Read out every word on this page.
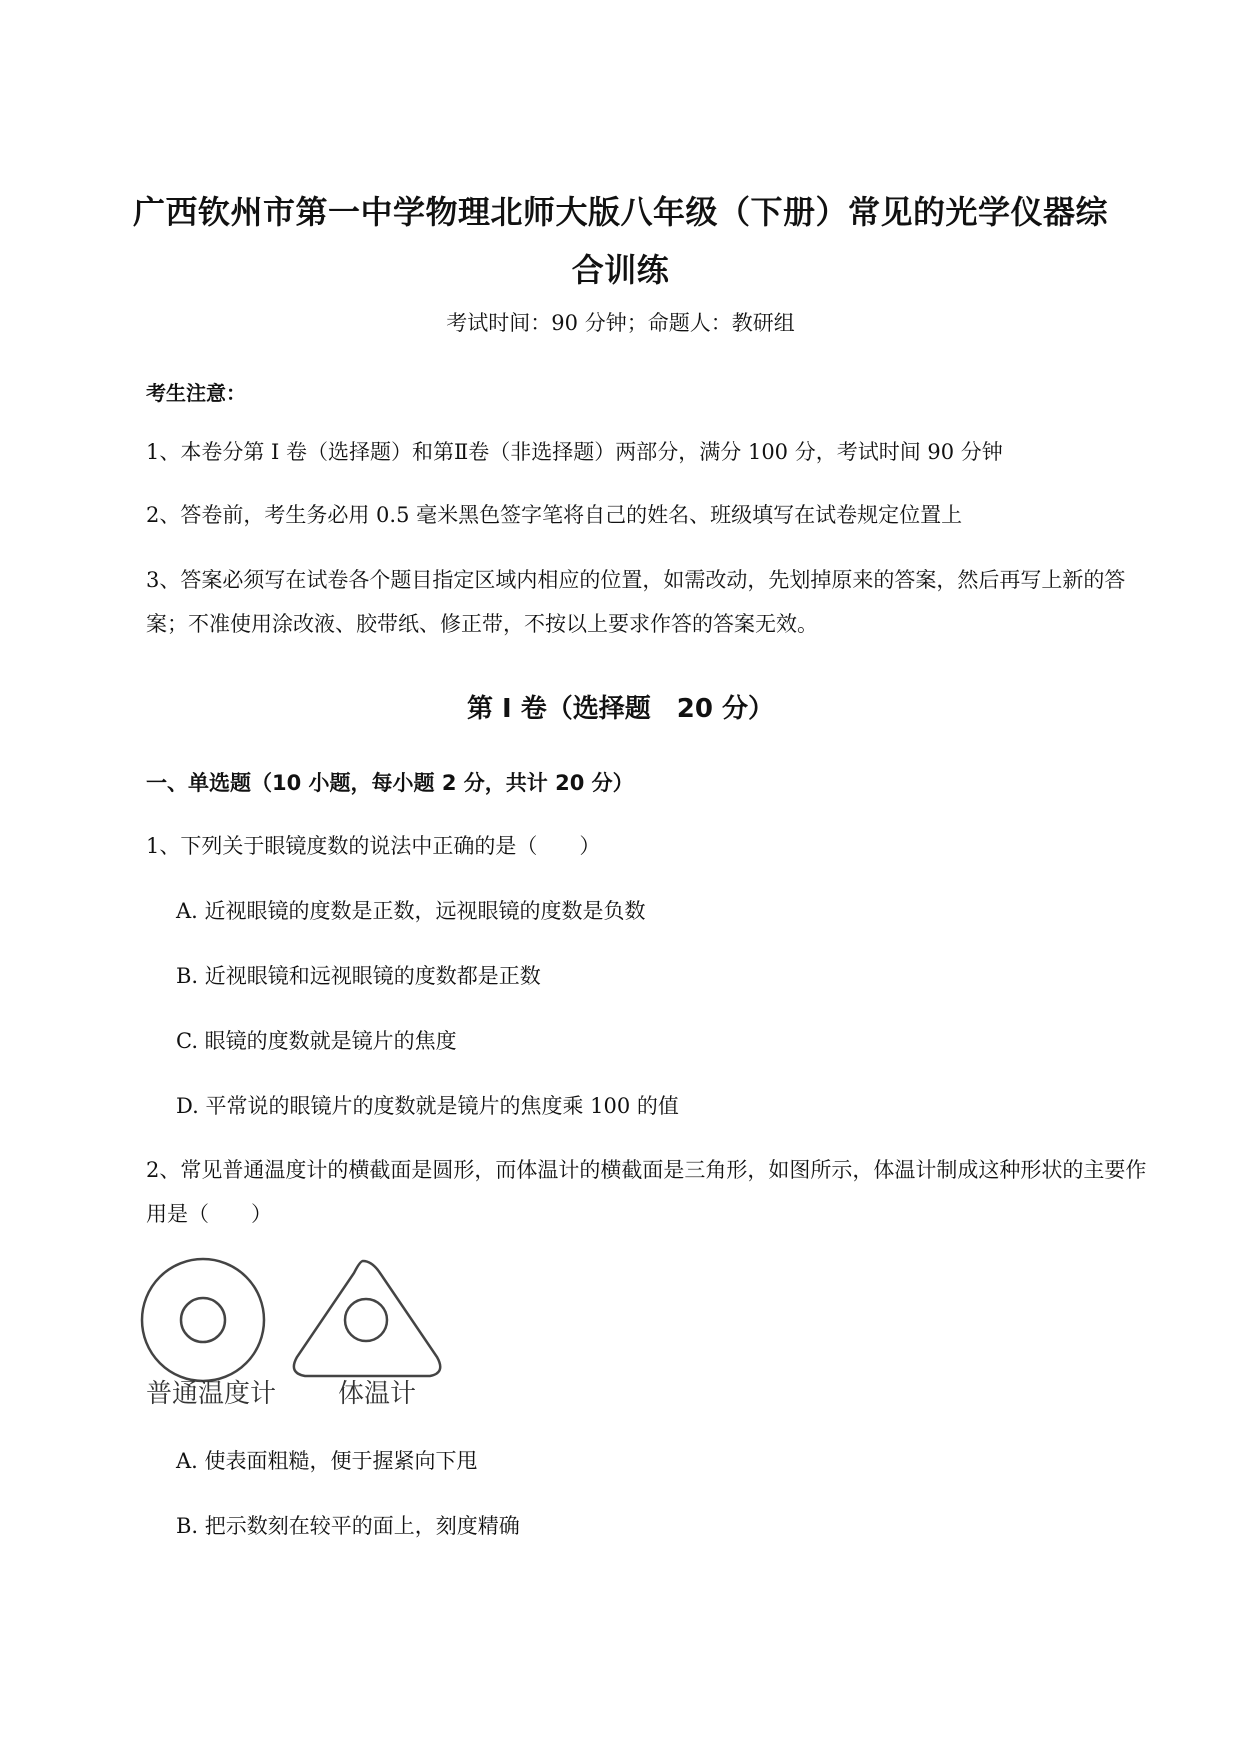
广西钦州市第一中学物理北师大版八年级（下册）常见的光学仪器综
合训练
考试时间：90 分钟；命题人：教研组
考生注意：
1、本卷分第 I 卷（选择题）和第Ⅱ卷（非选择题）两部分，满分 100 分，考试时间 90 分钟
2、答卷前，考生务必用 0.5 毫米黑色签字笔将自己的姓名、班级填写在试卷规定位置上
3、答案必须写在试卷各个题目指定区域内相应的位置，如需改动，先划掉原来的答案，然后再写上新的答案；不准使用涂改液、胶带纸、修正带，不按以上要求作答的答案无效。
第 I 卷（选择题　20 分）
一、单选题（10 小题，每小题 2 分，共计 20 分）
1、下列关于眼镜度数的说法中正确的是（　　）
A. 近视眼镜的度数是正数，远视眼镜的度数是负数
B. 近视眼镜和远视眼镜的度数都是正数
C. 眼镜的度数就是镜片的焦度
D. 平常说的眼镜片的度数就是镜片的焦度乘 100 的值
2、常见普通温度计的横截面是圆形，而体温计的横截面是三角形，如图所示，体温计制成这种形状的主要作用是（　　）
普通温度计 体温计
A. 使表面粗糙，便于握紧向下甩
B. 把示数刻在较平的面上，刻度精确
